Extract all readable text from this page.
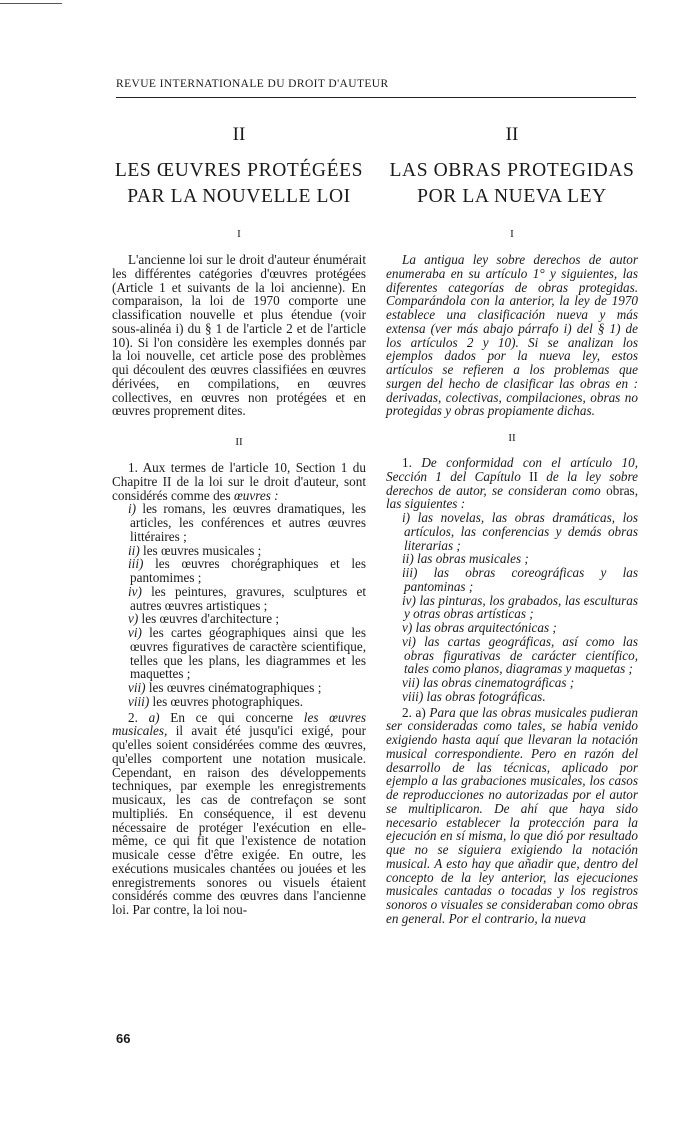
REVUE INTERNATIONALE DU DROIT D'AUTEUR
II
LES ŒUVRES PROTÉGÉES
PAR LA NOUVELLE LOI
I

L'ancienne loi sur le droit d'auteur énumérait les différentes catégories d'œuvres protégées (Article 1 et suivants de la loi ancienne). En comparaison, la loi de 1970 comporte une classification nouvelle et plus étendue (voir sous-alinéa i) du § 1 de l'article 2 et de l'article 10). Si l'on considère les exemples donnés par la loi nouvelle, cet article pose des problèmes qui découlent des œuvres classifiées en œuvres dérivées, en compilations, en œuvres collectives, en œuvres non protégées et en œuvres proprement dites.

II

1. Aux termes de l'article 10, Section 1 du Chapitre II de la loi sur le droit d'auteur, sont considérés comme des œuvres :

i) les romans, les œuvres dramatiques, les articles, les conférences et autres œuvres littéraires ;

ii) les œuvres musicales ;

iii) les œuvres chorégraphiques et les pantomimes ;

iv) les peintures, gravures, sculptures et autres œuvres artistiques ;

v) les œuvres d'architecture ;

vi) les cartes géographiques ainsi que les œuvres figuratives de caractère scientifique, telles que les plans, les diagrammes et les maquettes ;

vii) les œuvres cinématographiques ;

viii) les œuvres photographiques.

2. a) En ce qui concerne les œuvres musicales, il avait été jusqu'ici exigé, pour qu'elles soient considérées comme des œuvres, qu'elles comportent une notation musicale. Cependant, en raison des développements techniques, par exemple les enregistrements musicaux, les cas de contrefaçon se sont multipliés. En conséquence, il est devenu nécessaire de protéger l'exécution en elle-même, ce qui fit que l'existence de notation musicale cesse d'être exigée. En outre, les exécutions musicales chantées ou jouées et les enregistrements sonores ou visuels étaient considérés comme des œuvres dans l'ancienne loi. Par contre, la loi nou-

II
LAS OBRAS PROTEGIDAS
POR LA NUEVA LEY
I

La antigua ley sobre derechos de autor enumeraba en su artículo 1° y siguientes, las diferentes categorías de obras protegidas. Comparándola con la anterior, la ley de 1970 establece una clasificación nueva y más extensa (ver más abajo párrafo i) del § 1) de los artículos 2 y 10). Si se analizan los ejemplos dados por la nueva ley, estos artículos se refieren a los problemas que surgen del hecho de clasificar las obras en : derivadas, colectivas, compilaciones, obras no protegidas y obras propiamente dichas.

II

1. De conformidad con el artículo 10, Sección 1 del Capítulo II de la ley sobre derechos de autor, se consideran como obras, las siguientes :

i) las novelas, las obras dramáticas, los artículos, las conferencias y demás obras literarias ;

ii) las obras musicales ;

iii) las obras coreográficas y las pantominas ;

iv) las pinturas, los grabados, las esculturas y otras obras artísticas ;

v) las obras arquitectónicas ;

vi) las cartas geográficas, así como las obras figurativas de carácter científico, tales como planos, diagramas y maquetas ;

vii) las obras cinematográficas ;

viii) las obras fotográficas.

2. a) Para que las obras musicales pudieran ser consideradas como tales, se había venido exigiendo hasta aquí que llevaran la notación musical correspondiente. Pero en razón del desarrollo de las técnicas, aplicado por ejemplo a las grabaciones musicales, los casos de reproducciones no autorizadas por el autor se multiplicaron. De ahí que haya sido necesario establecer la protección para la ejecución en sí misma, lo que dió por resultado que no se siguiera exigiendo la notación musical. A esto hay que añadir que, dentro del concepto de la ley anterior, las ejecuciones musicales cantadas o tocadas y los registros sonoros o visuales se consideraban como obras en general. Por el contrario, la nueva

66
